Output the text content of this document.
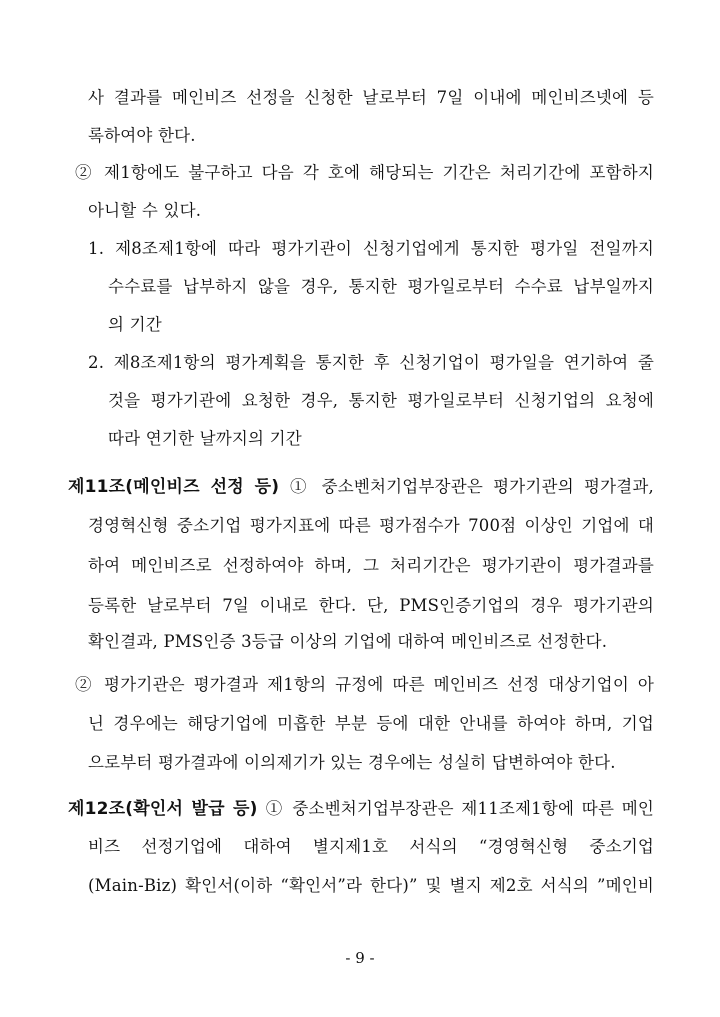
사 결과를 메인비즈 선정을 신청한 날로부터 7일 이내에 메인비즈넷에 등
록하여야 한다.
② 제1항에도 불구하고 다음 각 호에 해당되는 기간은 처리기간에 포함하지
아니할 수 있다.
1. 제8조제1항에 따라 평가기관이 신청기업에게 통지한 평가일 전일까지
수수료를 납부하지 않을 경우, 통지한 평가일로부터 수수료 납부일까지
의 기간
2. 제8조제1항의 평가계획을 통지한 후 신청기업이 평가일을 연기하여 줄
것을 평가기관에 요청한 경우, 통지한 평가일로부터 신청기업의 요청에
따라 연기한 날까지의 기간
제11조(메인비즈 선정 등) ① 중소벤처기업부장관은 평가기관의 평가결과,
경영혁신형 중소기업 평가지표에 따른 평가점수가 700점 이상인 기업에 대
하여 메인비즈로 선정하여야 하며, 그 처리기간은 평가기관이 평가결과를
등록한 날로부터 7일 이내로 한다. 단, PMS인증기업의 경우 평가기관의
확인결과, PMS인증 3등급 이상의 기업에 대하여 메인비즈로 선정한다.
② 평가기관은 평가결과 제1항의 규정에 따른 메인비즈 선정 대상기업이 아
닌 경우에는 해당기업에 미흡한 부분 등에 대한 안내를 하여야 하며, 기업
으로부터 평가결과에 이의제기가 있는 경우에는 성실히 답변하여야 한다.
제12조(확인서 발급 등) ① 중소벤처기업부장관은 제11조제1항에 따른 메인
비즈 선정기업에 대하여 별지제1호 서식의 “경영혁신형 중소기업
(Main-Biz) 확인서(이하 “확인서”라 한다)” 및 별지 제2호 서식의 ”메인비
- 9 -
